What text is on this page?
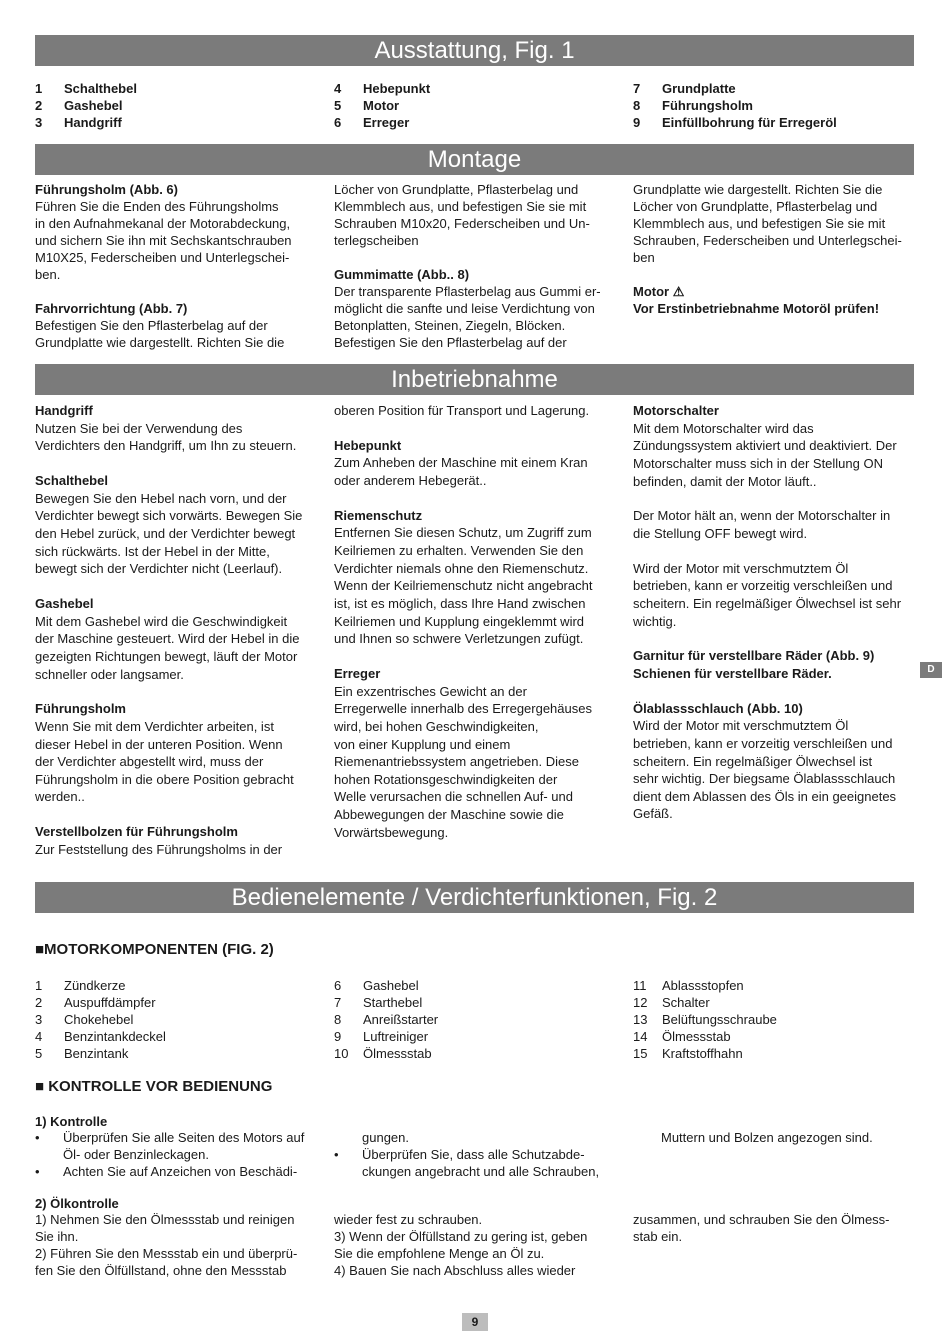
Ausstattung, Fig. 1
1 Schalthebel
2 Gashebel
3 Handgriff
4 Hebepunkt
5 Motor
6 Erreger
7 Grundplatte
8 Führungsholm
9 Einfüllbohrung für Erregeröl
Montage

Führungsholm (Abb. 6)

Führen Sie die Enden des Führungsholms

in den Aufnahmekanal der Motorabdeckung,

und sichern Sie ihn mit Sechskantschrauben

M10X25, Federscheiben und Unterlegschei-

ben.

Fahrvorrichtung (Abb. 7)

Befestigen Sie den Pflasterbelag auf der

Grundplatte wie dargestellt. Richten Sie die

Löcher von Grundplatte, Pflasterbelag und

Klemmblech aus, und befestigen Sie sie mit

Schrauben M10x20, Federscheiben und Un-

terlegscheiben

Gummimatte (Abb.. 8)

Der transparente Pflasterbelag aus Gummi er-

möglicht die sanfte und leise Verdichtung von

Betonplatten, Steinen, Ziegeln, Blöcken.

Befestigen Sie den Pflasterbelag auf der

Grundplatte wie dargestellt. Richten Sie die

Löcher von Grundplatte, Pflasterbelag und

Klemmblech aus, und befestigen Sie sie mit

Schrauben, Federscheiben und Unterlegschei-

ben

Motor ⚠

Vor Erstinbetriebnahme Motoröl prüfen!

Inbetriebnahme

Handgriff

Nutzen Sie bei der Verwendung des

Verdichters den Handgriff, um Ihn zu steuern.

Schalthebel

Bewegen Sie den Hebel nach vorn, und der

Verdichter bewegt sich vorwärts. Bewegen Sie

den Hebel zurück, und der Verdichter bewegt

sich rückwärts. Ist der Hebel in der Mitte,

bewegt sich der Verdichter nicht (Leerlauf).

Gashebel

Mit dem Gashebel wird die Geschwindigkeit

der Maschine gesteuert. Wird der Hebel in die

gezeigten Richtungen bewegt, läuft der Motor

schneller oder langsamer.

Führungsholm

Wenn Sie mit dem Verdichter arbeiten, ist

dieser Hebel in der unteren Position. Wenn

der Verdichter abgestellt wird, muss der

Führungsholm in die obere Position gebracht

werden..

Verstellbolzen für Führungsholm

Zur Feststellung des Führungsholms in der

oberen Position für Transport und Lagerung.

Hebepunkt

Zum Anheben der Maschine mit einem Kran

oder anderem Hebegerät..

Riemenschutz

Entfernen Sie diesen Schutz, um Zugriff zum

Keilriemen zu erhalten. Verwenden Sie den

Verdichter niemals ohne den Riemenschutz.

Wenn der Keilriemenschutz nicht angebracht

ist, ist es möglich, dass Ihre Hand zwischen

Keilriemen und Kupplung eingeklemmt wird

und Ihnen so schwere Verletzungen zufügt.

Erreger

Ein exzentrisches Gewicht an der

Erregerwelle innerhalb des Erregergehäuses

wird, bei hohen Geschwindigkeiten,

von einer Kupplung und einem

Riemenantriebssystem angetrieben. Diese

hohen Rotationsgeschwindigkeiten der

Welle verursachen die schnellen Auf- und

Abbewegungen der Maschine sowie die

Vorwärtsbewegung.

Motorschalter

Mit dem Motorschalter wird das

Zündungssystem aktiviert und deaktiviert. Der

Motorschalter muss sich in der Stellung ON

befinden, damit der Motor läuft..

Der Motor hält an, wenn der Motorschalter in

die Stellung OFF bewegt wird.

Wird der Motor mit verschmutztem Öl

betrieben, kann er vorzeitig verschleißen und

scheitern. Ein regelmäßiger Ölwechsel ist sehr

wichtig.

Garnitur für verstellbare Räder (Abb. 9)

Schienen für verstellbare Räder.

Ölablassschlauch (Abb. 10)

Wird der Motor mit verschmutztem Öl

betrieben, kann er vorzeitig verschleißen und

scheitern. Ein regelmäßiger Ölwechsel ist

sehr wichtig. Der biegsame Ölablassschlauch

dient dem Ablassen des Öls in ein geeignetes

Gefäß.

D
Bedienelemente / Verdichterfunktionen, Fig. 2
■MOTORKOMPONENTEN (FIG. 2)
1 Zündkerze
2 Auspuffdämpfer
3 Chokehebel
4 Benzintankdeckel
5 Benzintank
6 Gashebel
7 Starthebel
8 Anreißstarter
9 Luftreiniger
10 Ölmessstab
11 Ablassstopfen
12 Schalter
13 Belüftungsschraube
14 Ölmessstab
15 Kraftstoffhahn
■ KONTROLLE VOR BEDIENUNG
1) Kontrolle
• Überprüfen Sie alle Seiten des Motors auf
Öl- oder Benzinleckagen.
• Achten Sie auf Anzeichen von Beschädi-
gungen.
• Überprüfen Sie, dass alle Schutzabde-
ckungen angebracht und alle Schrauben,
Muttern und Bolzen angezogen sind.
2) Ölkontrolle

1) Nehmen Sie den Ölmessstab und reinigen

Sie ihn.

2) Führen Sie den Messstab ein und überprü-

fen Sie den Ölfüllstand, ohne den Messstab

wieder fest zu schrauben.

3) Wenn der Ölfüllstand zu gering ist, geben

Sie die empfohlene Menge an Öl zu.

4) Bauen Sie nach Abschluss alles wieder

zusammen, und schrauben Sie den Ölmess-

stab ein.

9
